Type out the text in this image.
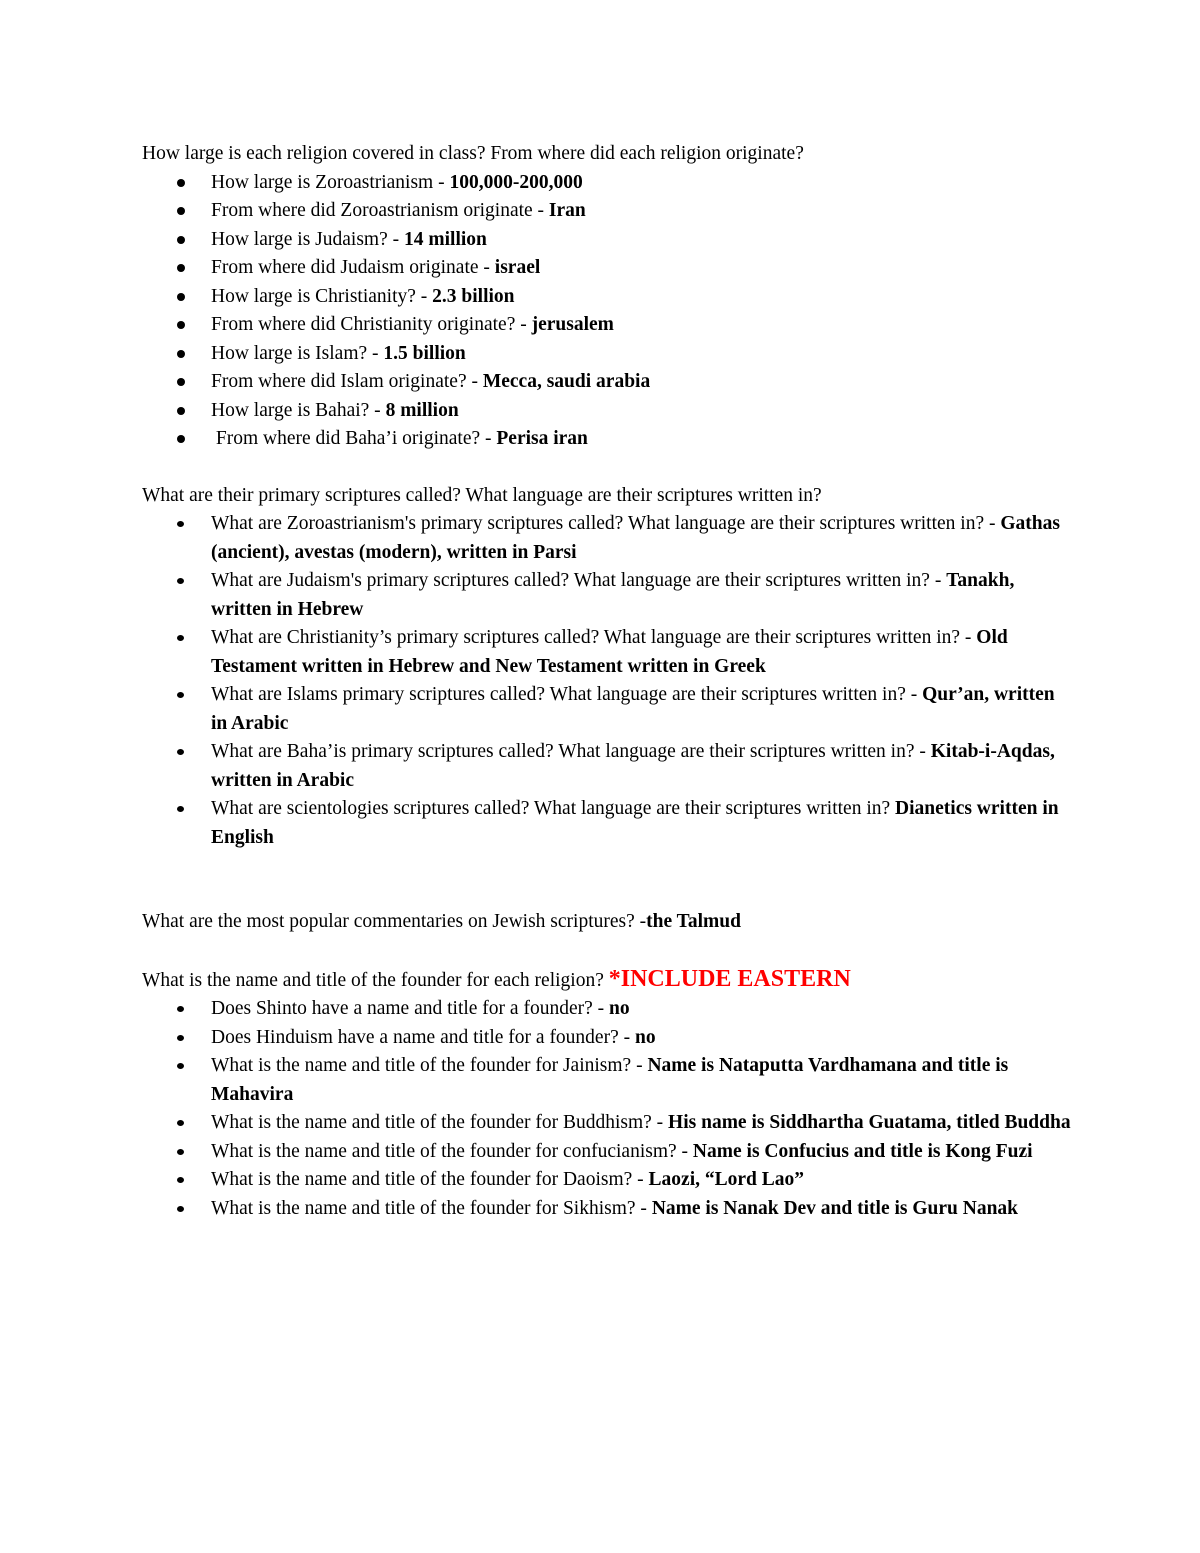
How large is each religion covered in class? From where did each religion originate?

How large is Zoroastrianism - 100,000-200,000
From where did Zoroastrianism originate - Iran
How large is Judaism? - 14 million
From where did Judaism originate - israel
How large is Christianity? - 2.3 billion
From where did Christianity originate? - jerusalem
How large is Islam? - 1.5 billion
From where did Islam originate? - Mecca, saudi arabia
How large is Bahai? - 8 million
From where did Baha’i originate? - Perisa iran

What are their primary scriptures called? What language are their scriptures written in?

What are Zoroastrianism's primary scriptures called? What language are their scriptures written in? - Gathas (ancient), avestas (modern), written in Parsi
What are Judaism's primary scriptures called? What language are their scriptures written in? - Tanakh, written in Hebrew
What are Christianity’s primary scriptures called? What language are their scriptures written in? - Old Testament written in Hebrew and New Testament written in Greek
What are Islams primary scriptures called? What language are their scriptures written in? - Qur’an, written in Arabic
What are Baha’is primary scriptures called? What language are their scriptures written in? - Kitab-i-Aqdas, written in Arabic
What are scientologies scriptures called? What language are their scriptures written in? Dianetics written in English

What are the most popular commentaries on Jewish scriptures? -the Talmud

What is the name and title of the founder for each religion? *INCLUDE EASTERN

Does Shinto have a name and title for a founder? - no
Does Hinduism have a name and title for a founder? - no
What is the name and title of the founder for Jainism? - Name is Nataputta Vardhamana and title is Mahavira
What is the name and title of the founder for Buddhism? - His name is Siddhartha Guatama, titled Buddha
What is the name and title of the founder for confucianism? - Name is Confucius and title is Kong Fuzi
What is the name and title of the founder for Daoism? - Laozi, “Lord Lao”
What is the name and title of the founder for Sikhism? - Name is Nanak Dev and title is Guru Nanak
